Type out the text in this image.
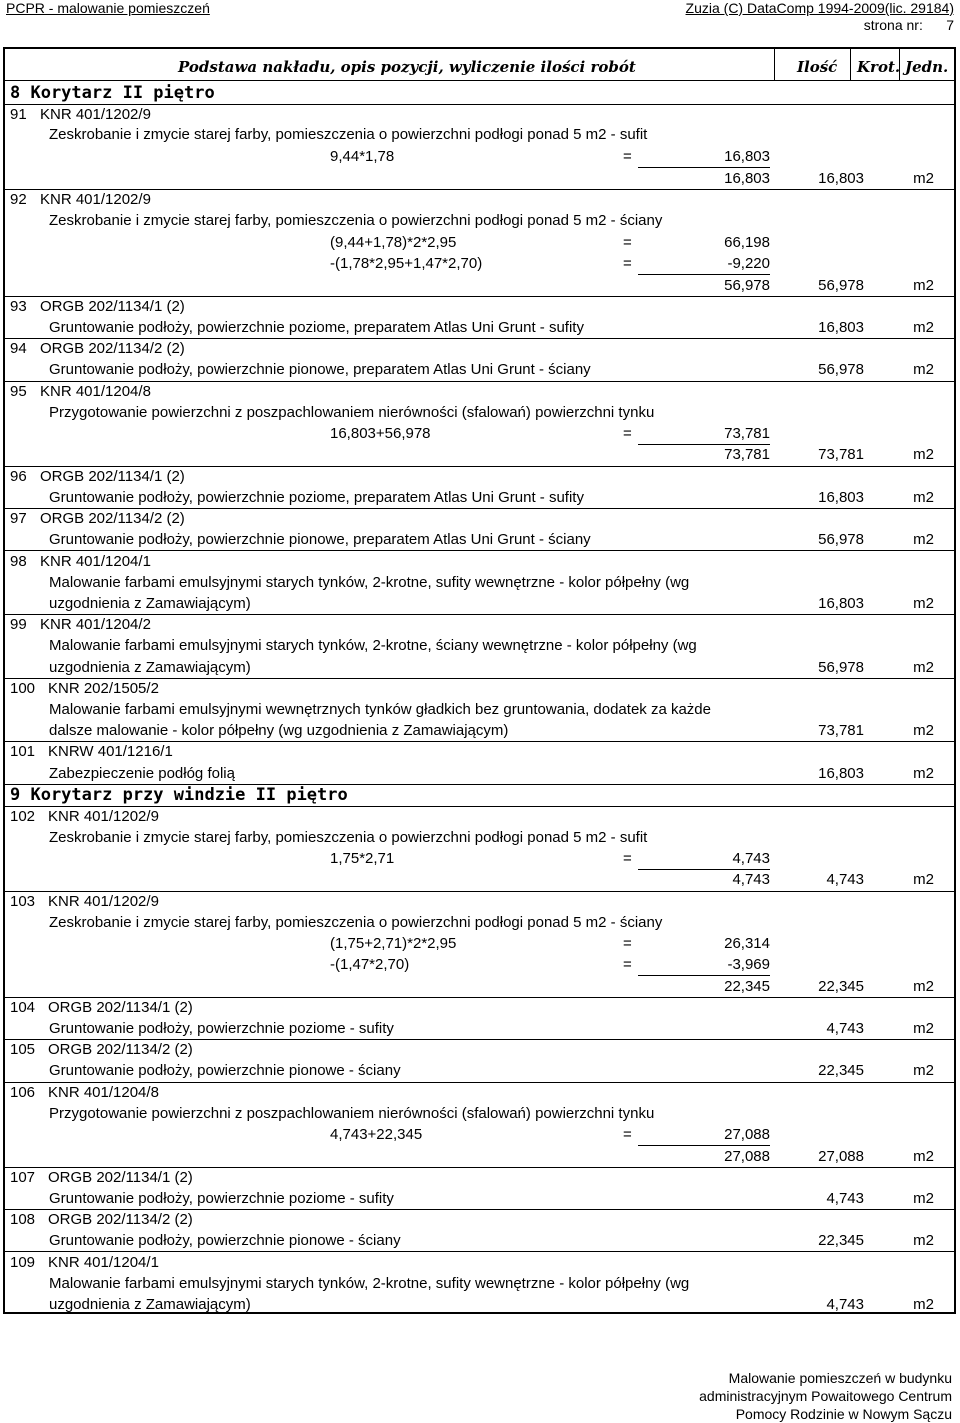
PCPR - malowanie pomieszczeń	Zuzia (C) DataComp 1994-2009(lic. 29184)
strona nr: 7
Podstawa nakładu, opis pozycji, wyliczenie ilości robót	Ilość Krot. Jedn.
8 Korytarz II piętro
91 KNR 401/1202/9
Zeskrobanie i zmycie starej farby, pomieszczenia o powierzchni podłogi ponad 5 m2 - sufit
9,44*1,78	=	16,803
16,803	16,803	m2
92 KNR 401/1202/9
Zeskrobanie i zmycie starej farby, pomieszczenia o powierzchni podłogi ponad 5 m2 - ściany
(9,44+1,78)*2*2,95	=	66,198
-(1,78*2,95+1,47*2,70)	=	-9,220
56,978	56,978	m2
93 ORGB 202/1134/1 (2)
Gruntowanie podłoży, powierzchnie poziome, preparatem Atlas Uni Grunt - sufity	16,803	m2
94 ORGB 202/1134/2 (2)
Gruntowanie podłoży, powierzchnie pionowe, preparatem Atlas Uni Grunt - ściany	56,978	m2
95 KNR 401/1204/8
Przygotowanie powierzchni z poszpachlowaniem nierówności (sfalowań) powierzchni tynku
16,803+56,978	=	73,781
73,781	73,781	m2
96 ORGB 202/1134/1 (2)
Gruntowanie podłoży, powierzchnie poziome, preparatem Atlas Uni Grunt - sufity	16,803	m2
97 ORGB 202/1134/2 (2)
Gruntowanie podłoży, powierzchnie pionowe, preparatem Atlas Uni Grunt - ściany	56,978	m2
98 KNR 401/1204/1
Malowanie farbami emulsyjnymi starych tynków, 2-krotne, sufity wewnętrzne - kolor półpełny (wg
uzgodnienia z Zamawiającym)	16,803	m2
99 KNR 401/1204/2
Malowanie farbami emulsyjnymi starych tynków, 2-krotne, ściany wewnętrzne - kolor półpełny (wg
uzgodnienia z Zamawiającym)	56,978	m2
100 KNR 202/1505/2
Malowanie farbami emulsyjnymi wewnętrznych tynków gładkich bez gruntowania, dodatek za każde
dalsze malowanie - kolor półpełny (wg uzgodnienia z Zamawiającym)	73,781	m2
101 KNRW 401/1216/1
Zabezpieczenie podłóg folią	16,803	m2
9 Korytarz przy windzie II piętro
102 KNR 401/1202/9
Zeskrobanie i zmycie starej farby, pomieszczenia o powierzchni podłogi ponad 5 m2 - sufit
1,75*2,71	=	4,743
4,743	4,743	m2
103 KNR 401/1202/9
Zeskrobanie i zmycie starej farby, pomieszczenia o powierzchni podłogi ponad 5 m2 - ściany
(1,75+2,71)*2*2,95	=	26,314
-(1,47*2,70)	=	-3,969
22,345	22,345	m2
104 ORGB 202/1134/1 (2)
Gruntowanie podłoży, powierzchnie poziome - sufity	4,743	m2
105 ORGB 202/1134/2 (2)
Gruntowanie podłoży, powierzchnie pionowe - ściany	22,345	m2
106 KNR 401/1204/8
Przygotowanie powierzchni z poszpachlowaniem nierówności (sfalowań) powierzchni tynku
4,743+22,345	=	27,088
27,088	27,088	m2
107 ORGB 202/1134/1 (2)
Gruntowanie podłoży, powierzchnie poziome - sufity	4,743	m2
108 ORGB 202/1134/2 (2)
Gruntowanie podłoży, powierzchnie pionowe - ściany	22,345	m2
109 KNR 401/1204/1
Malowanie farbami emulsyjnymi starych tynków, 2-krotne, sufity wewnętrzne - kolor półpełny (wg
uzgodnienia z Zamawiającym)	4,743	m2
Malowanie pomieszczeń w budynku
administracyjnym Powaitowego Centrum
Pomocy Rodzinie w Nowym Sączu
